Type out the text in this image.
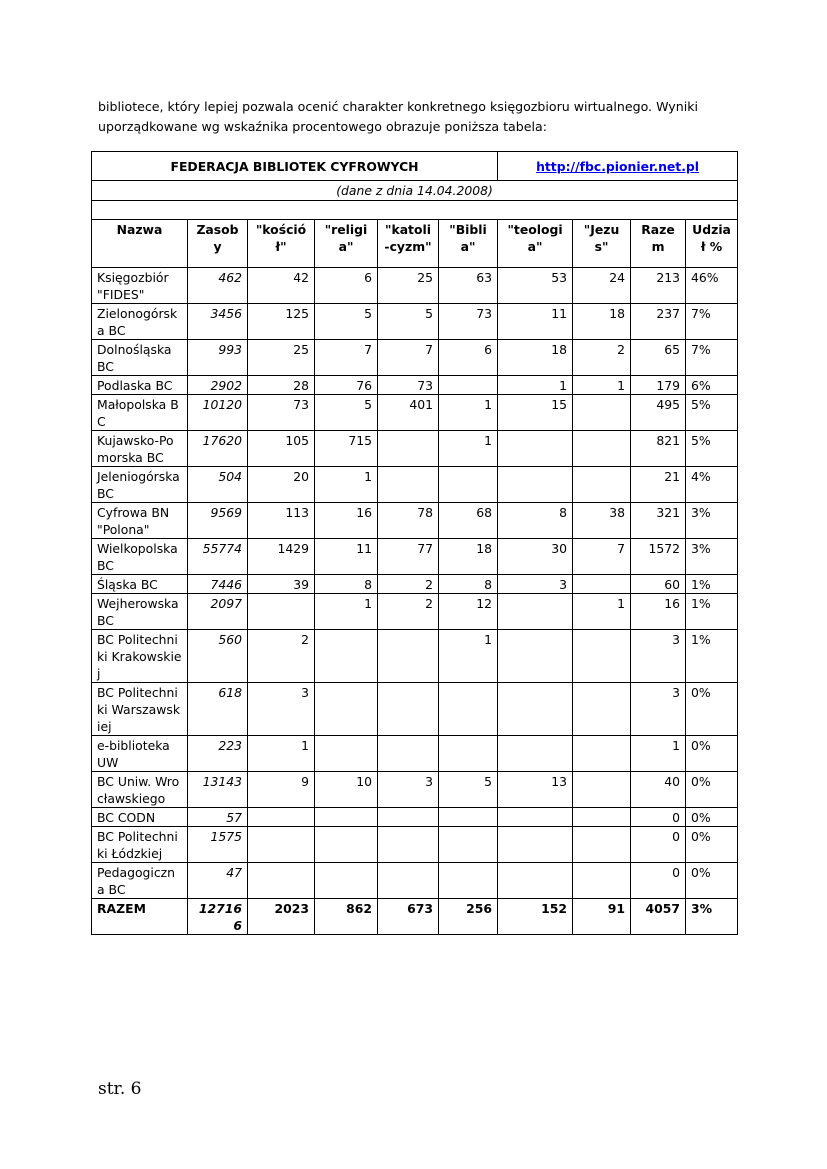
bibliotece, który lepiej pozwala ocenić charakter konkretnego księgozbioru wirtualnego. Wyniki

uporządkowane wg wskaźnika procentowego obrazuje poniższa tabela:

FEDERACJA BIBLIOTEK CYFROWYCH						http://fbc.pionier.net.pl			
(dane z dnia 14.04.2008)									

Nazwa	Zasoby	"kościół"	"religia"	"katoli-cyzm"	"Biblia"	"teologia"	"Jezus"	Razem	Udział %
Księgozbiór "FIDES"	462	42	6	25	63	53	24	213	46%
Zielonogórska BC	3456	125	5	5	73	11	18	237	7%
Dolnośląska BC	993	25	7	7	6	18	2	65	7%
Podlaska BC	2902	28	76	73		1	1	179	6%
Małopolska BC	10120	73	5	401	1	15		495	5%
Kujawsko-Pomorska BC	17620	105	715		1			821	5%
Jeleniogórska BC	504	20	1					21	4%
Cyfrowa BN "Polona"	9569	113	16	78	68	8	38	321	3%
Wielkopolska BC	55774	1429	11	77	18	30	7	1572	3%
Śląska BC	7446	39	8	2	8	3		60	1%
Wejherowska BC	2097		1	2	12		1	16	1%
BC Politechniki Krakowskiej	560	2			1			3	1%
BC Politechniki Warszawskiej	618	3						3	0%
e-biblioteka UW	223	1						1	0%
BC Uniw. Wrocławskiego	13143	9	10	3	5	13		40	0%
BC CODN	57							0	0%
BC Politechniki Łódzkiej	1575							0	0%
Pedagogiczna BC	47							0	0%
RAZEM	127166	2023	862	673	256	152	91	4057	3%
str. 6
